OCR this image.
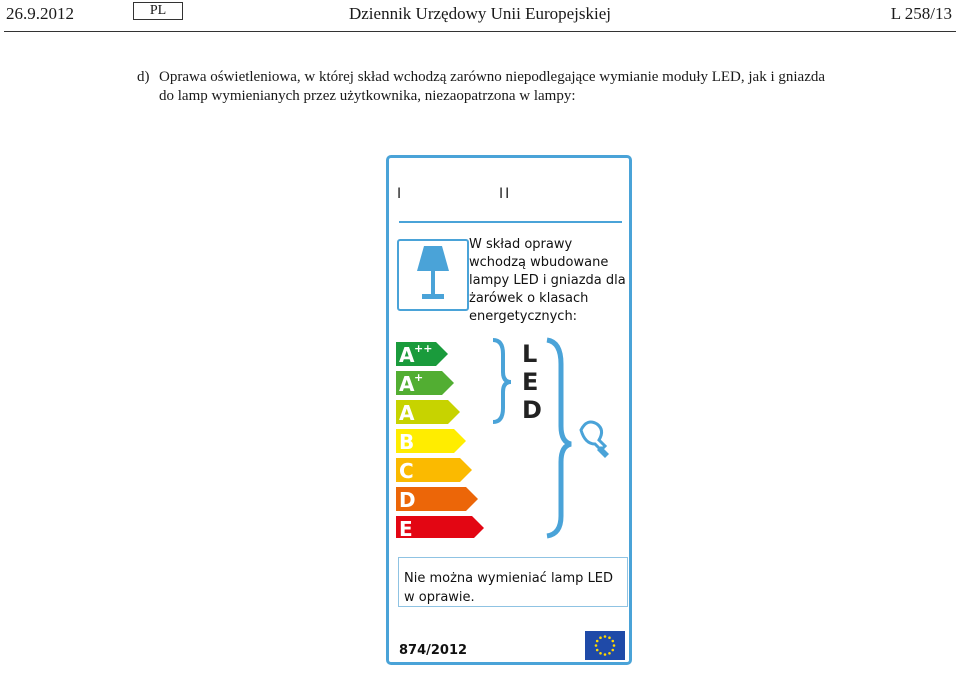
26.9.2012	PL	Dziennik Urzędowy Unii Europejskiej	L 258/13
d) Oprawa oświetleniowa, w której skład wchodzą zarówno niepodlegające wymianie moduły LED, jak i gniazda
do lamp wymienianych przez użytkownika, niezaopatrzona w lampy:
I	II
W skład oprawy wchodzą wbudowane lampy LED i gniazda dla żarówek o klasach energetycznych:
A ++
A +
A
B
C
D
E
L
E
D
Nie można wymieniać lamp LED w oprawie.
874/2012
